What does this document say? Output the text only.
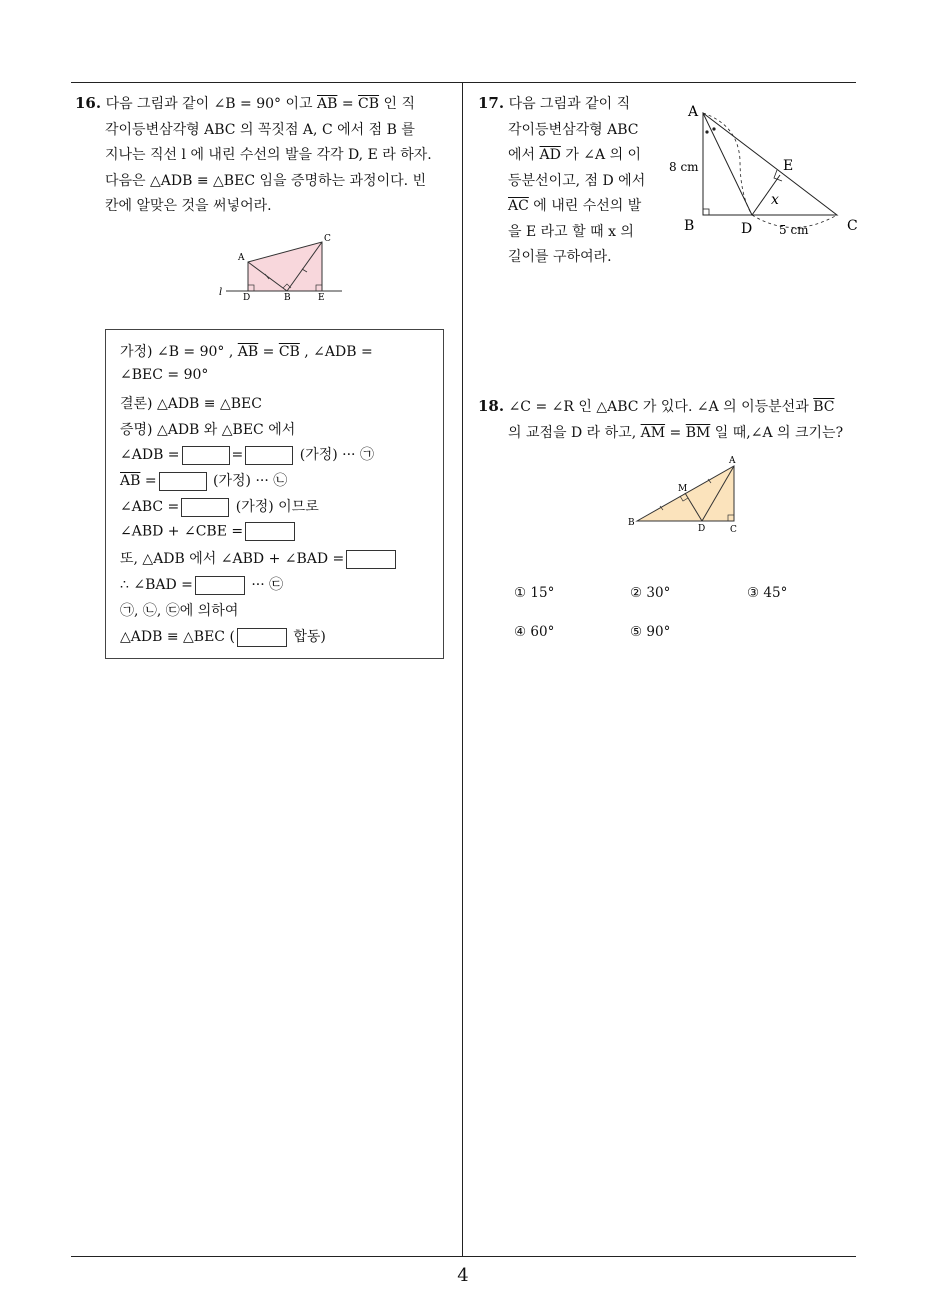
16. 다음 그림과 같이 ∠B = 90° 이고 $\overline{AB} = \overline{CB}$ 인 직
각이등변삼각형 ABC 의 꼭짓점 A, C 에서 점 B 를
지나는 직선 l 에 내린 수선의 발을 각각 D, E 라 하자.
다음은 △ADB ≡ △BEC 임을 증명하는 과정이다. 빈
칸에 알맞은 것을 써넣어라.
A
C
D	B	E
l
가정) ∠B = 90° , $\overline{AB} = \overline{CB}$ , ∠ADB =
∠BEC = 90°
결론) △ADB ≡ △BEC
증명) △ADB 와 △BEC 에서
∠ADB =	=	(가정) ··· ㉠
$\overline{AB}$ =	(가정) ··· ㉡
∠ABC =	(가정) 이므로
∠ABD + ∠CBE =
또, △ADB 에서 ∠ABD + ∠BAD =
∴ ∠BAD =	··· ㉢
㉠, ㉡, ㉢에 의하여
△ADB ≡ △BEC (	합동)
17. 다음 그림과 같이 직
각이등변삼각형 ABC
에서 $\overline{AD}$ 가 ∠A 의 이
등분선이고, 점 D 에서
$\overline{AC}$ 에 내린 수선의 발
을 E 라고 할 때 x 의
길이를 구하여라.
A
B	C
D
E
x
8 cm
5 cm
18. ∠C = ∠R 인 △ABC 가 있다. ∠A 의 이등분선과 $\overline{BC}$
의 교점을 D 라 하고, $\overline{AM} = \overline{BM}$ 일 때,∠A 의 크기는?
A
B
C
D
M
① 15°	② 30°	③ 45°
④ 60°	⑤ 90°
4
